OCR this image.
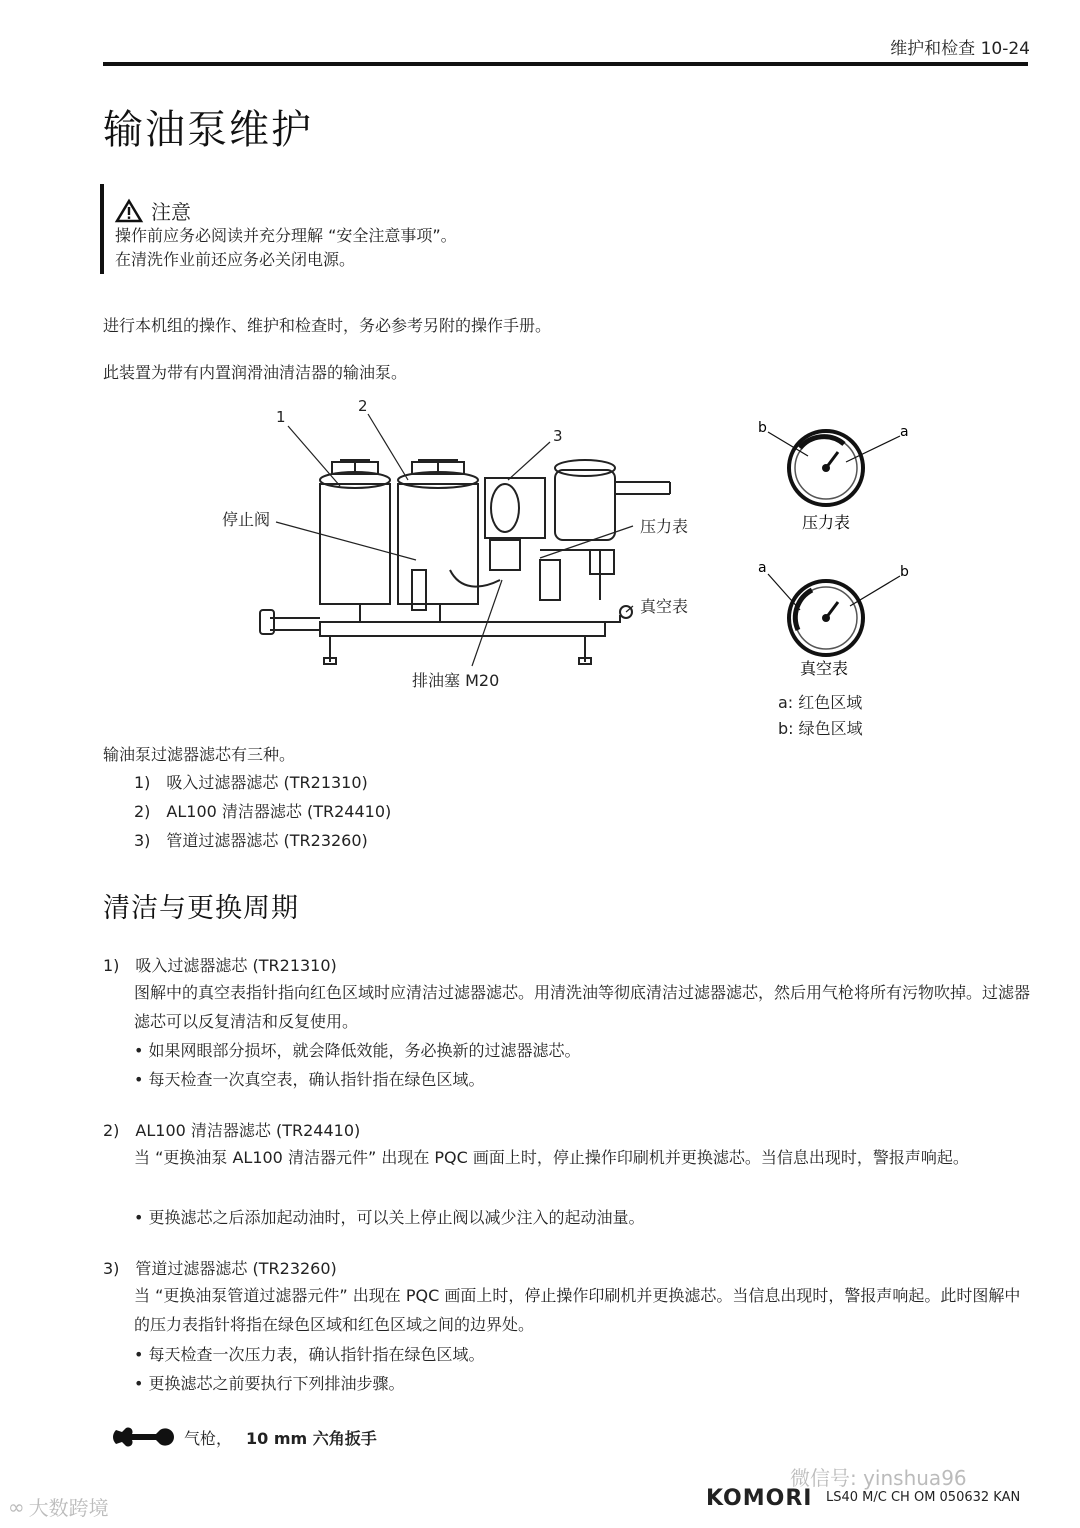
维护和检查 10-24
输油泵维护
注意
操作前应务必阅读并充分理解 “安全注意事项”。
在清洗作业前还应务必关闭电源。
进行本机组的操作、维护和检查时，务必参考另附的操作手册。
此装置为带有内置润滑油清洁器的输油泵。
1
2
3
停止阀	压力表
真空表
排油塞 M20
b	a
压力表
a	b
真空表
a: 红色区域
b: 绿色区域
输油泵过滤器滤芯有三种。
1) 吸入过滤器滤芯 (TR21310)
2) AL100 清洁器滤芯 (TR24410)
3) 管道过滤器滤芯 (TR23260)
清洁与更换周期
1) 吸入过滤器滤芯 (TR21310)
图解中的真空表指针指向红色区域时应清洁过滤器滤芯。用清洗油等彻底清洁过滤器滤芯，然后用气枪将所有污物吹掉。过滤器滤芯可以反复清洁和反复使用。
• 如果网眼部分损坏，就会降低效能，务必换新的过滤器滤芯。
• 每天检查一次真空表，确认指针指在绿色区域。
2) AL100 清洁器滤芯 (TR24410)
当 “更换油泵 AL100 清洁器元件” 出现在 PQC 画面上时，停止操作印刷机并更换滤芯。当信息出现时，警报声响起。
• 更换滤芯之后添加起动油时，可以关上停止阀以减少注入的起动油量。
3) 管道过滤器滤芯 (TR23260)
当 “更换油泵管道过滤器元件” 出现在 PQC 画面上时，停止操作印刷机并更换滤芯。当信息出现时，警报声响起。此时图解中的压力表指针将指在绿色区域和红色区域之间的边界处。
• 每天检查一次压力表，确认指针指在绿色区域。
• 更换滤芯之前要执行下列排油步骤。
气枪， 10 mm 六角扳手
微信号: yinshua96
∞ 大数跨境	KOMORI LS40 M/C CH OM 050632 KAN
